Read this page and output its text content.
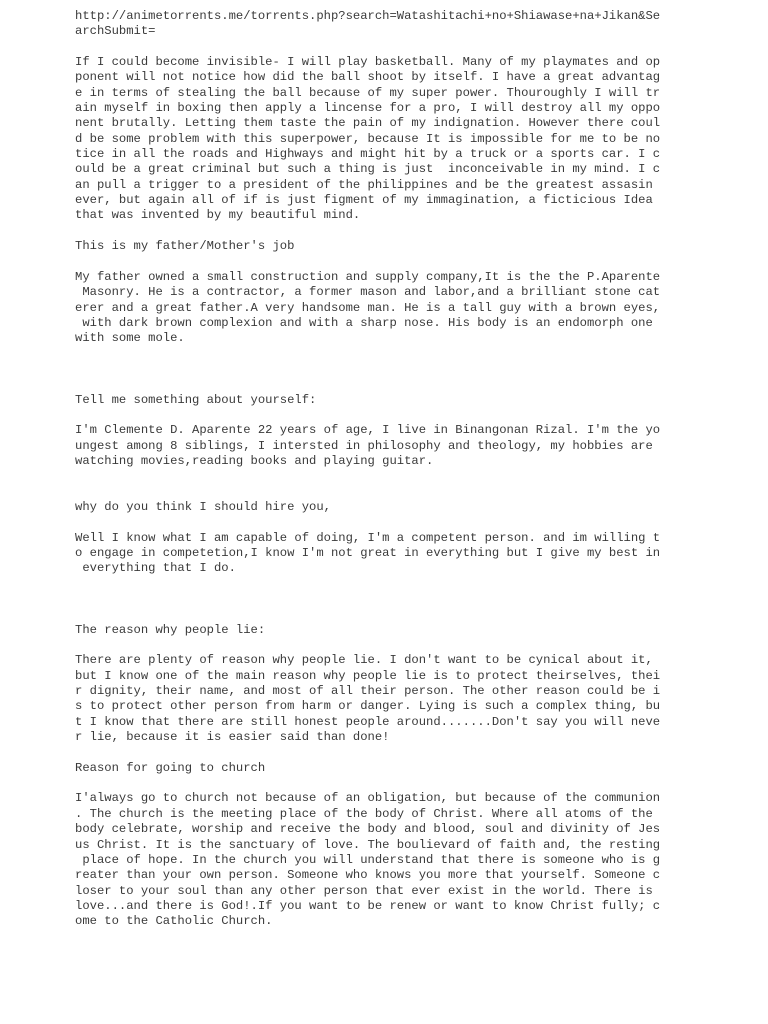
http://animetorrents.me/torrents.php?search=Watashitachi+no+Shiawase+na+Jikan&Se
archSubmit=

If I could become invisible- I will play basketball. Many of my playmates and op
ponent will not notice how did the ball shoot by itself. I have a great advantag
e in terms of stealing the ball because of my super power. Thouroughly I will tr
ain myself in boxing then apply a lincense for a pro, I will destroy all my oppo
nent brutally. Letting them taste the pain of my indignation. However there coul
d be some problem with this superpower, because It is impossible for me to be no
tice in all the roads and Highways and might hit by a truck or a sports car. I c
ould be a great criminal but such a thing is just  inconceivable in my mind. I c
an pull a trigger to a president of the philippines and be the greatest assasin
ever, but again all of if is just figment of my immagination, a ficticious Idea
that was invented by my beautiful mind.

This is my father/Mother's job

My father owned a small construction and supply company,It is the the P.Aparente
Masonry. He is a contractor, a former mason and labor,and a brilliant stone cat
erer and a great father.A very handsome man. He is a tall guy with a brown eyes,
with dark brown complexion and with a sharp nose. His body is an endomorph one
with some mole.

Tell me something about yourself:

I'm Clemente D. Aparente 22 years of age, I live in Binangonan Rizal. I'm the yo
ungest among 8 siblings, I intersted in philosophy and theology, my hobbies are
watching movies,reading books and playing guitar.

why do you think I should hire you,

Well I know what I am capable of doing, I'm a competent person. and im willing t
o engage in competetion,I know I'm not great in everything but I give my best in
everything that I do.

The reason why people lie:

There are plenty of reason why people lie. I don't want to be cynical about it,
but I know one of the main reason why people lie is to protect theirselves, thei
r dignity, their name, and most of all their person. The other reason could be i
s to protect other person from harm or danger. Lying is such a complex thing, bu
t I know that there are still honest people around.......Don't say you will neve
r lie, because it is easier said than done!

Reason for going to church

I'always go to church not because of an obligation, but because of the communion
. The church is the meeting place of the body of Christ. Where all atoms of the
body celebrate, worship and receive the body and blood, soul and divinity of Jes
us Christ. It is the sanctuary of love. The boulievard of faith and, the resting
place of hope. In the church you will understand that there is someone who is g
reater than your own person. Someone who knows you more that yourself. Someone c
loser to your soul than any other person that ever exist in the world. There is
love...and there is God!.If you want to be renew or want to know Christ fully; c
ome to the Catholic Church.
